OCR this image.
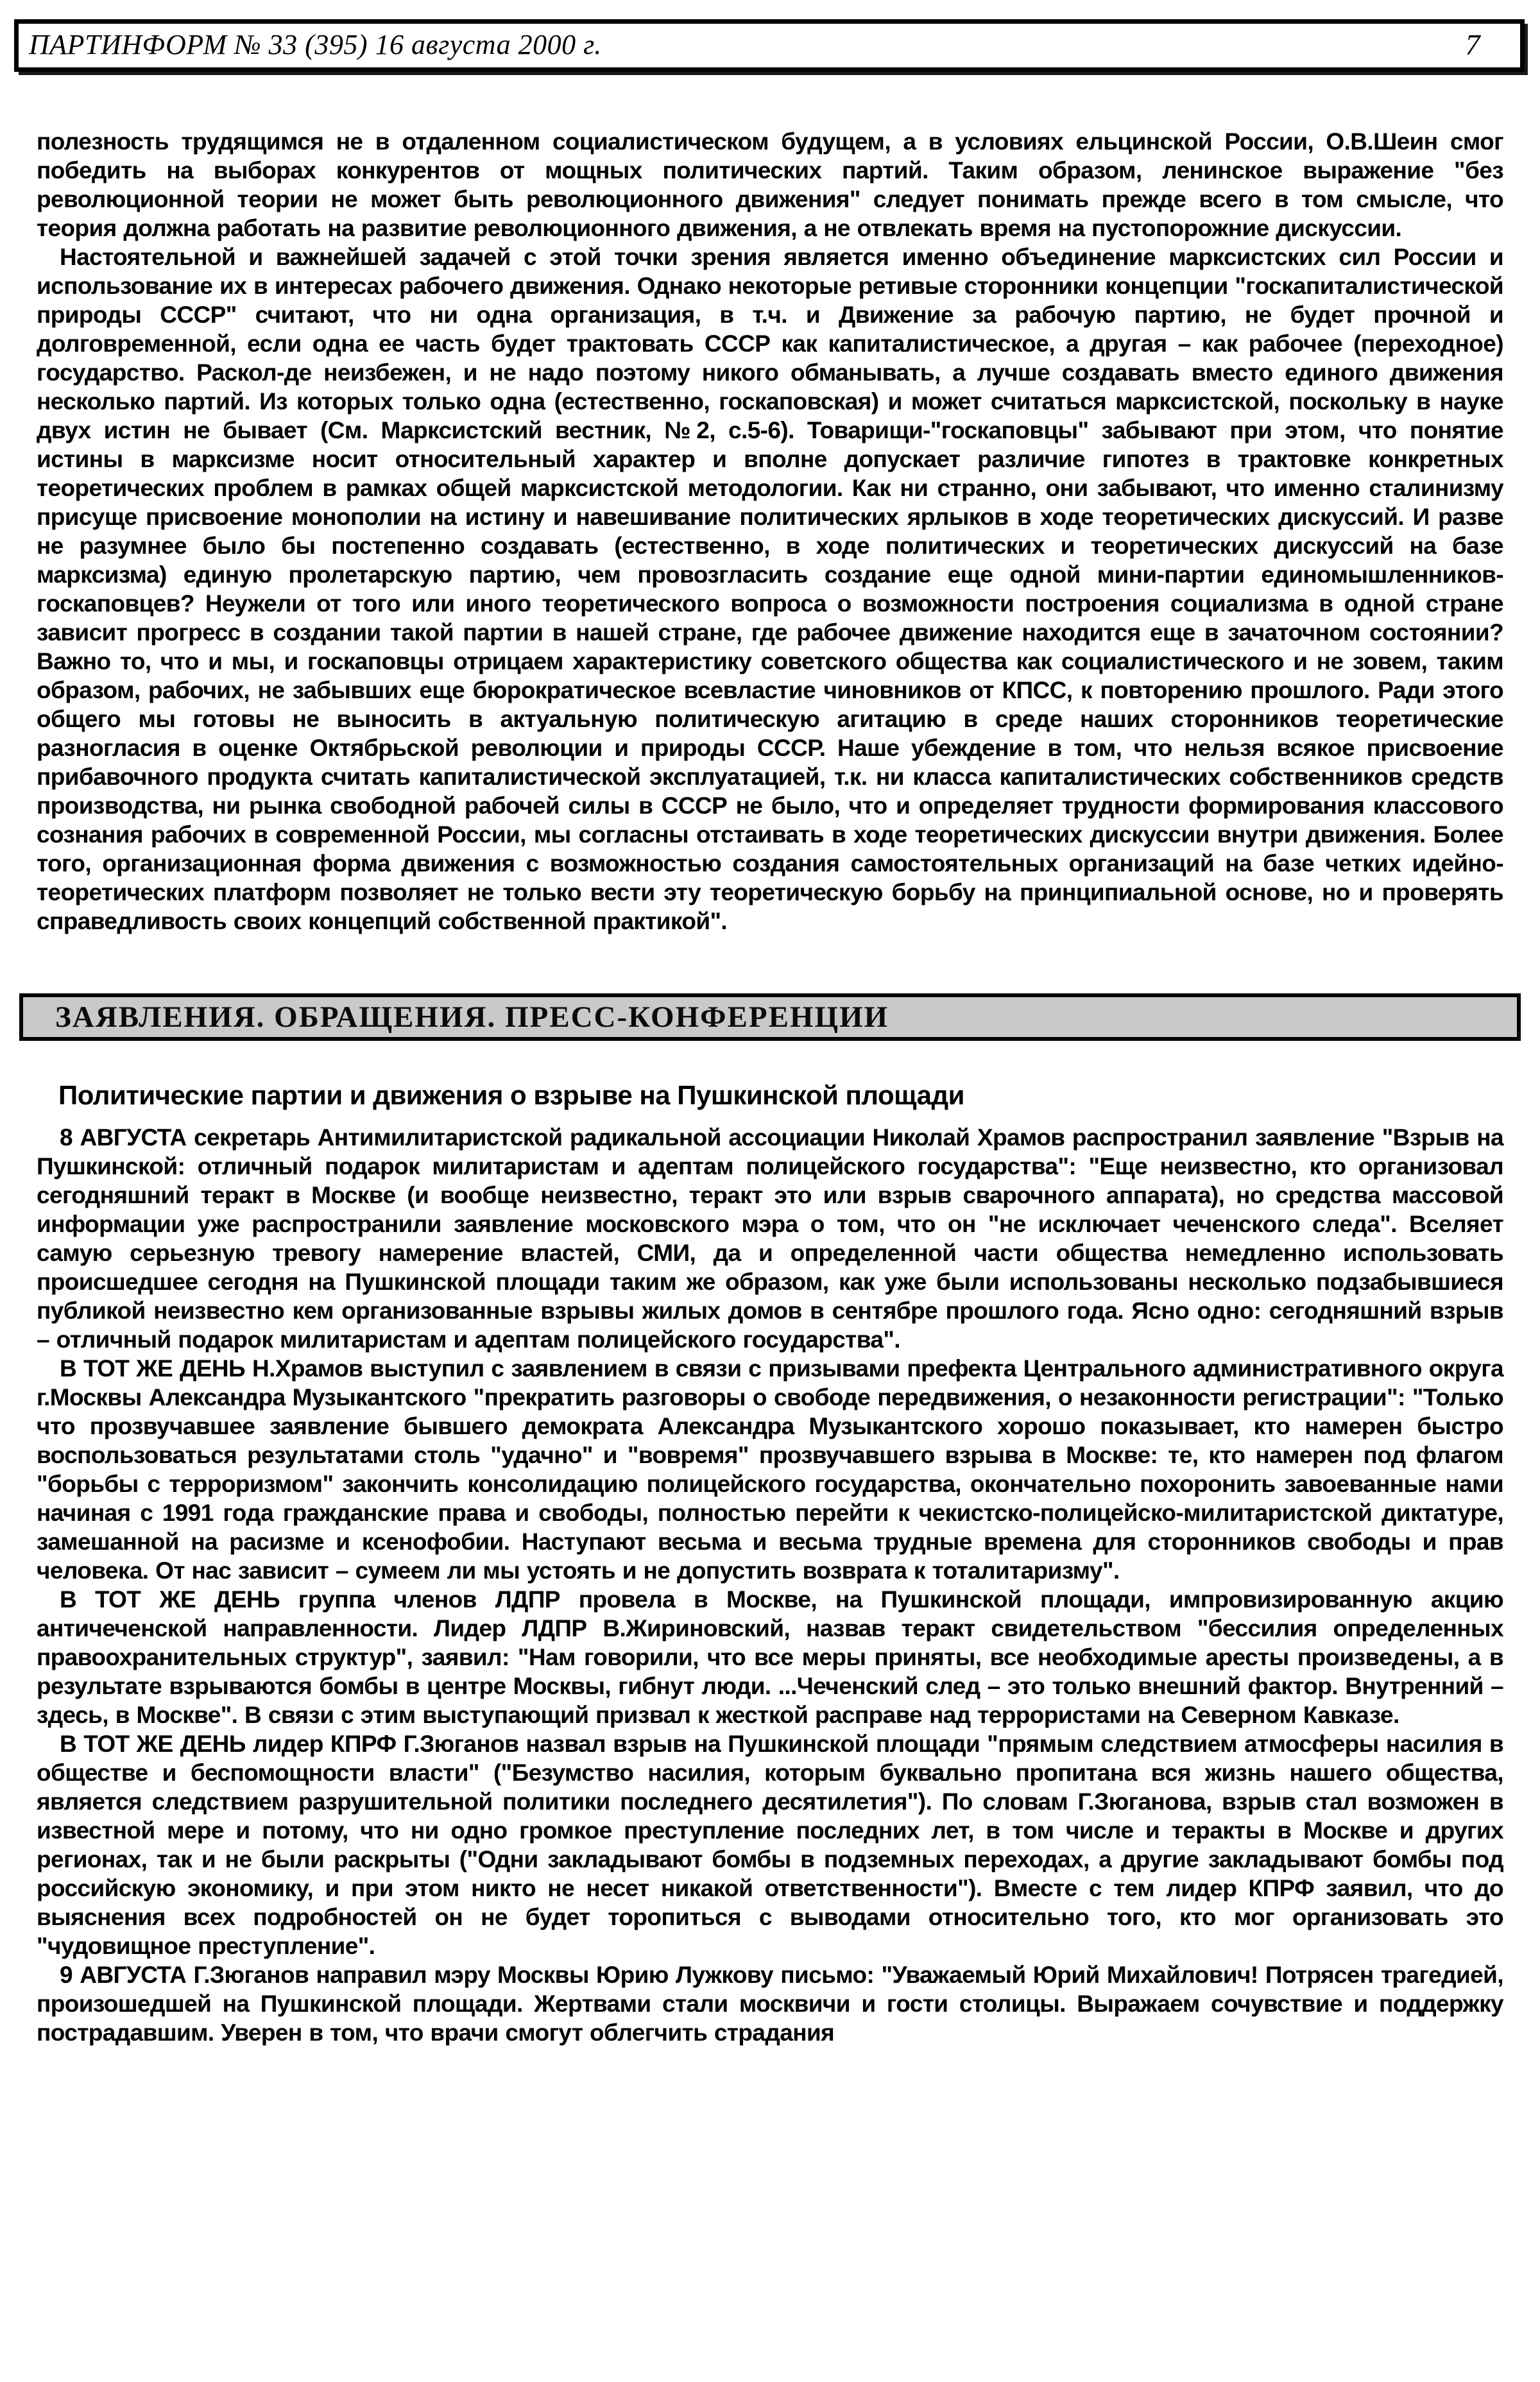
ПАРТИНФОРМ № 33 (395) 16 августа 2000 г.	7

полезность трудящимся не в отдаленном социалистическом будущем, а в условиях ельцинской России, О.В.Шеин смог победить на выборах конкурентов от мощных политических партий. Таким образом, ленинское выражение "без революционной теории не может быть революционного движения" следует понимать прежде всего в том смысле, что теория должна работать на развитие революционного движения, а не отвлекать время на пустопорожние дискуссии.

Настоятельной и важнейшей задачей с этой точки зрения является именно объединение марксистских сил России и использование их в интересах рабочего движения. Однако некоторые ретивые сторонники концепции "госкапиталистической природы СССР" считают, что ни одна организация, в т.ч. и Движение за рабочую партию, не будет прочной и долговременной, если одна ее часть будет трактовать СССР как капиталистическое, а другая – как рабочее (переходное) государство. Раскол-де неизбежен, и не надо поэтому никого обманывать, а лучше создавать вместо единого движения несколько партий. Из которых только одна (естественно, госкаповская) и может считаться марксистской, поскольку в науке двух истин не бывает (См. Марксистский вестник, №2, с.5-6). Товарищи-"госкаповцы" забывают при этом, что понятие истины в марксизме носит относительный характер и вполне допускает различие гипотез в трактовке конкретных теоретических проблем в рамках общей марксистской методологии. Как ни странно, они забывают, что именно сталинизму присуще присвоение монополии на истину и навешивание политических ярлыков в ходе теоретических дискуссий. И разве не разумнее было бы постепенно создавать (естественно, в ходе политических и теоретических дискуссий на базе марксизма) единую пролетарскую партию, чем провозгласить создание еще одной мини-партии единомышленников-госкаповцев? Неужели от того или иного теоретического вопроса о возможности построения социализма в одной стране зависит прогресс в создании такой партии в нашей стране, где рабочее движение находится еще в зачаточном состоянии? Важно то, что и мы, и госкаповцы отрицаем характеристику советского общества как социалистического и не зовем, таким образом, рабочих, не забывших еще бюрократическое всевластие чиновников от КПСС, к повторению прошлого. Ради этого общего мы готовы не выносить в актуальную политическую агитацию в среде наших сторонников теоретические разногласия в оценке Октябрьской революции и природы СССР. Наше убеждение в том, что нельзя всякое присвоение прибавочного продукта считать капиталистической эксплуатацией, т.к. ни класса капиталистических собственников средств производства, ни рынка свободной рабочей силы в СССР не было, что и определяет трудности формирования классового сознания рабочих в современной России, мы согласны отстаивать в ходе теоретических дискуссии внутри движения. Более того, организационная форма движения с возможностью создания самостоятельных организаций на базе четких идейно-теоретических платформ позволяет не только вести эту теоретическую борьбу на принципиальной основе, но и проверять справедливость своих концепций собственной практикой".

ЗАЯВЛЕНИЯ. ОБРАЩЕНИЯ. ПРЕСС-КОНФЕРЕНЦИИ
Политические партии и движения о взрыве на Пушкинской площади

8 АВГУСТА секретарь Антимилитаристской радикальной ассоциации Николай Храмов распространил заявление "Взрыв на Пушкинской: отличный подарок милитаристам и адептам полицейского государства": "Еще неизвестно, кто организовал сегодняшний теракт в Москве (и вообще неизвестно, теракт это или взрыв сварочного аппарата), но средства массовой информации уже распространили заявление московского мэра о том, что он "не исключает чеченского следа". Вселяет самую серьезную тревогу намерение властей, СМИ, да и определенной части общества немедленно использовать происшедшее сегодня на Пушкинской площади таким же образом, как уже были использованы несколько подзабывшиеся публикой неизвестно кем организованные взрывы жилых домов в сентябре прошлого года. Ясно одно: сегодняшний взрыв – отличный подарок милитаристам и адептам полицейского государства".

В ТОТ ЖЕ ДЕНЬ Н.Храмов выступил с заявлением в связи с призывами префекта Центрального административного округа г.Москвы Александра Музыкантского "прекратить разговоры о свободе передвижения, о незаконности регистрации": "Только что прозвучавшее заявление бывшего демократа Александра Музыкантского хорошо показывает, кто намерен быстро воспользоваться результатами столь "удачно" и "вовремя" прозвучавшего взрыва в Москве: те, кто намерен под флагом "борьбы с терроризмом" закончить консолидацию полицейского государства, окончательно похоронить завоеванные нами начиная с 1991 года гражданские права и свободы, полностью перейти к чекистско-полицейско-милитаристской диктатуре, замешанной на расизме и ксенофобии. Наступают весьма и весьма трудные времена для сторонников свободы и прав человека. От нас зависит – сумеем ли мы устоять и не допустить возврата к тоталитаризму".

В ТОТ ЖЕ ДЕНЬ группа членов ЛДПР провела в Москве, на Пушкинской площади, импровизированную акцию античеченской направленности. Лидер ЛДПР В.Жириновский, назвав теракт свидетельством "бессилия определенных правоохранительных структур", заявил: "Нам говорили, что все меры приняты, все необходимые аресты произведены, а в результате взрываются бомбы в центре Москвы, гибнут люди. ...Чеченский след – это только внешний фактор. Внутренний – здесь, в Москве". В связи с этим выступающий призвал к жесткой расправе над террористами на Северном Кавказе.

В ТОТ ЖЕ ДЕНЬ лидер КПРФ Г.Зюганов назвал взрыв на Пушкинской площади "прямым следствием атмосферы насилия в обществе и беспомощности власти" ("Безумство насилия, которым буквально пропитана вся жизнь нашего общества, является следствием разрушительной политики последнего десятилетия"). По словам Г.Зюганова, взрыв стал возможен в известной мере и потому, что ни одно громкое преступление последних лет, в том числе и теракты в Москве и других регионах, так и не были раскрыты ("Одни закладывают бомбы в подземных переходах, а другие закладывают бомбы под российскую экономику, и при этом никто не несет никакой ответственности"). Вместе с тем лидер КПРФ заявил, что до выяснения всех подробностей он не будет торопиться с выводами относительно того, кто мог организовать это "чудовищное преступление".

9 АВГУСТА Г.Зюганов направил мэру Москвы Юрию Лужкову письмо: "Уважаемый Юрий Михайлович! Потрясен трагедией, произошедшей на Пушкинской площади. Жертвами стали москвичи и гости столицы. Выражаем сочувствие и поддержку пострадавшим. Уверен в том, что врачи смогут облегчить страдания
